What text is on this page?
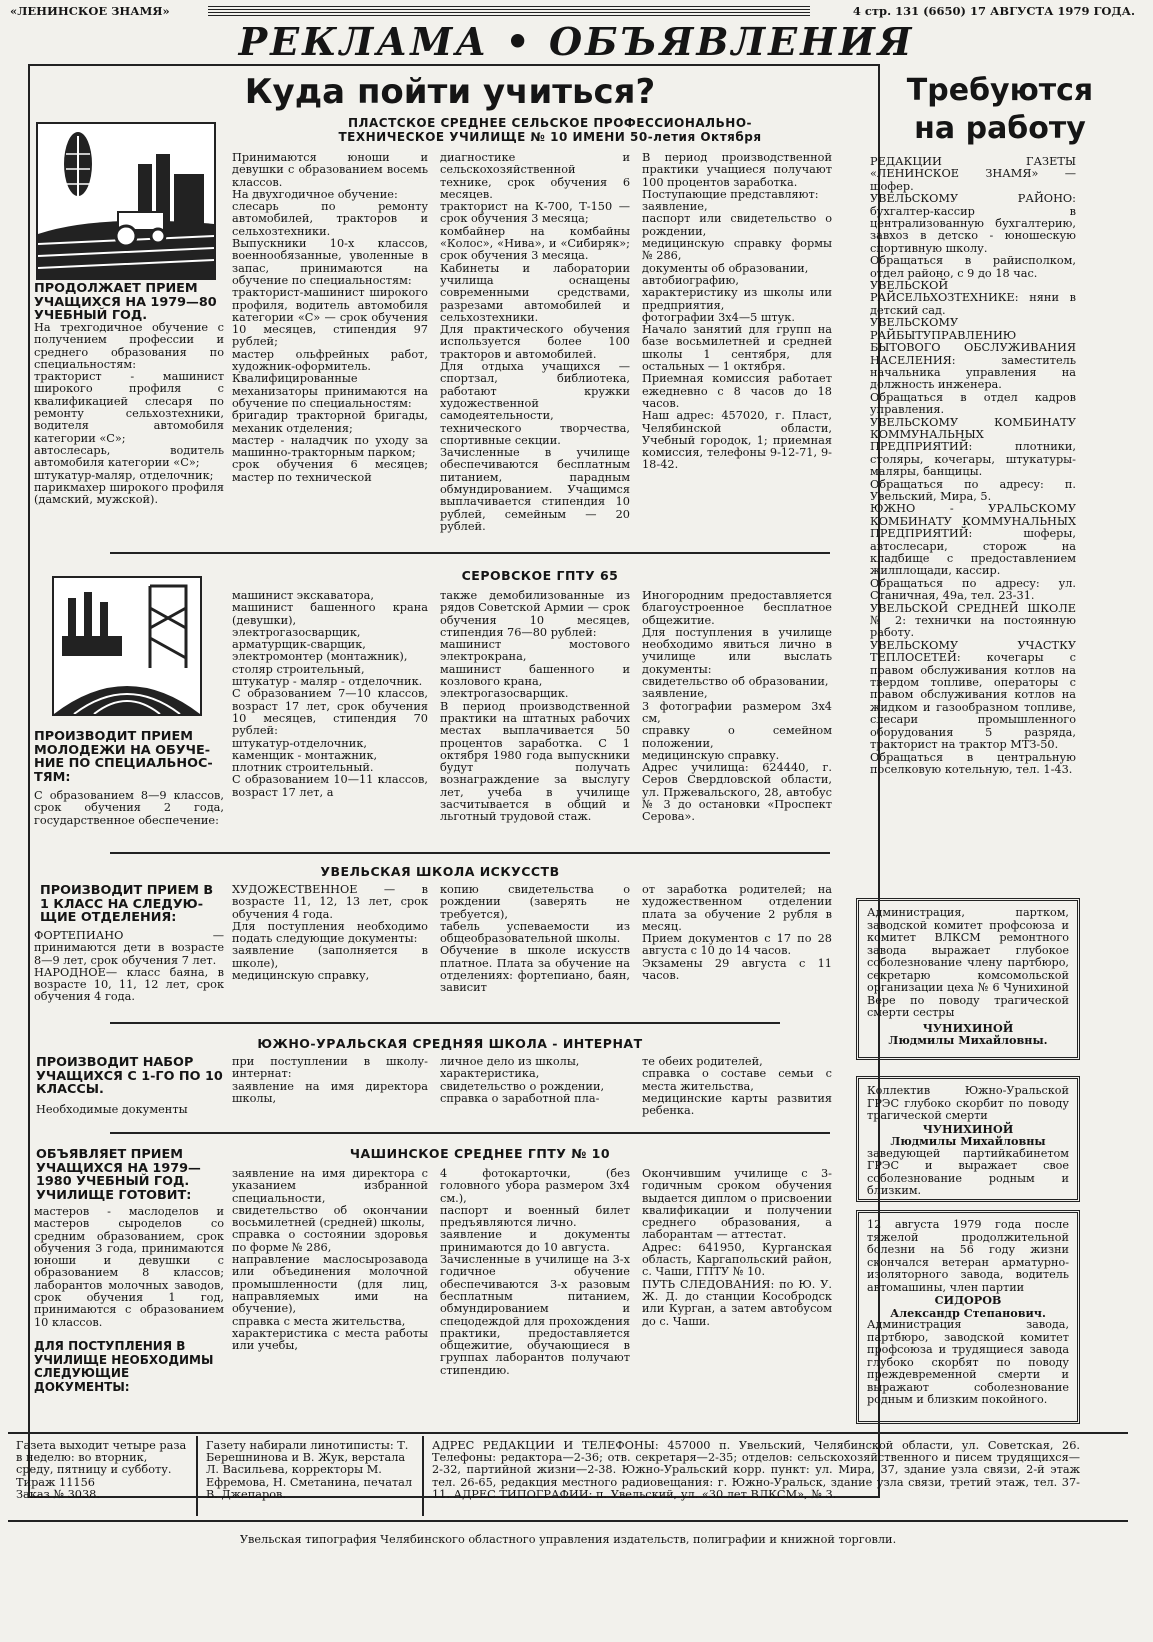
«ЛЕНИНСКОЕ ЗНАМЯ»	4 стр. 131 (6650) 17 АВГУСТА 1979 ГОДА.
РЕКЛАМА • ОБЪЯВЛЕНИЯ
Куда пойти учиться?
ПЛАСТСКОЕ СРЕДНЕЕ СЕЛЬСКОЕ ПРОФЕССИОНАЛЬНО-
ТЕХНИЧЕСКОЕ УЧИЛИЩЕ № 10 ИМЕНИ 50-летия Октября
ПРОДОЛЖАЕТ ПРИЕМ
УЧАЩИХСЯ НА 1979—80
УЧЕБНЫЙ ГОД.
На трехгодичное обучение с получением профессии и среднего образования по специальностям:
тракторист - машинист широкого профиля с квалификацией слесаря по ремонту сельхозтехники, водителя автомобиля категории «С»;
автослесарь, водитель автомобиля категории «С»;
штукатур-маляр, отделочник;
парикмахер широкого профиля (дамский, мужской).
Принимаются юноши и девушки с образованием восемь классов.
На двухгодичное обучение:
слесарь по ремонту автомобилей, тракторов и сельхозтехники.
Выпускники 10-х классов, военнообязанные, уволенные в запас, принимаются на обучение по специальностям:
тракторист-машинист широкого профиля, водитель автомобиля категории «С» — срок обучения 10 месяцев, стипендия 97 рублей;
мастер ольфрейных работ, художник-оформитель.
Квалифицированные механизаторы принимаются на обучение по специальностям:
бригадир тракторной бригады, механик отделения;
мастер - наладчик по уходу за машинно-тракторным парком;
срок обучения 6 месяцев; мастер по технической
диагностике и сельскохозяйственной технике, срок обучения 6 месяцев.
тракторист на К-700, Т-150 — срок обучения 3 месяца;
комбайнер на комбайны «Колос», «Нива», и «Сибиряк»; срок обучения 3 месяца.
Кабинеты и лаборатории училища оснащены современными средствами, разрезами автомобилей и сельхозтехники.
Для практического обучения используется более 100 тракторов и автомобилей.
Для отдыха учащихся — спортзал, библиотека, работают кружки художественной самодеятельности, технического творчества, спортивные секции.
Зачисленные в училище обеспечиваются бесплатным питанием, парадным обмундированием. Учащимся выплачивается стипендия 10 рублей, семейным — 20 рублей.
В период производственной практики учащиеся получают 100 процентов заработка.
Поступающие представляют:
заявление,
паспорт или свидетельство о рождении,
медицинскую справку формы № 286,
документы об образовании,
автобиографию,
характеристику из школы или предприятия,
фотографии 3х4—5 штук.
Начало занятий для групп на базе восьмилетней и средней школы 1 сентября, для остальных — 1 октября.
Приемная комиссия работает ежедневно с 8 часов до 18 часов.
Наш адрес: 457020, г. Пласт, Челябинской области, Учебный городок, 1; приемная комиссия, телефоны 9-12-71, 9-18-42.
СЕРОВСКОЕ ГПТУ 65
ПРОИЗВОДИТ ПРИЕМ
МОЛОДЕЖИ НА ОБУЧЕ-
НИЕ ПО СПЕЦИАЛЬНОС-
ТЯМ:
С образованием 8—9 классов, срок обучения 2 года, государственное обеспечение:
машинист экскаватора,
машинист башенного крана (девушки),
электрогазосварщик,
арматурщик-сварщик,
электромонтер (монтажник),
столяр строительный,
штукатур - маляр - отделочник.
С образованием 7—10 классов, возраст 17 лет, срок обучения 10 месяцев, стипендия 70 рублей:
штукатур-отделочник,
каменщик - монтажник,
плотник строительный.
С образованием 10—11 классов, возраст 17 лет, а
также демобилизованные из рядов Советской Армии — срок обучения 10 месяцев, стипендия 76—80 рублей:
машинист мостового электрокрана,
машинист башенного и козлового крана,
электрогазосварщик.
В период производственной практики на штатных рабочих местах выплачивается 50 процентов заработка. С 1 октября 1980 года выпускники будут получать вознаграждение за выслугу лет, учеба в училище засчитывается в общий и льготный трудовой стаж.
Иногородним предоставляется благоустроенное бесплатное общежитие.
Для поступления в училище необходимо явиться лично в училище или выслать документы:
свидетельство об образовании,
заявление,
3 фотографии размером 3х4 см,
справку о семейном положении,
медицинскую справку.
Адрес училища: 624440, г. Серов Свердловской области, ул. Пржевальского, 28, автобус № 3 до остановки «Проспект Серова».
УВЕЛЬСКАЯ ШКОЛА ИСКУССТВ
ПРОИЗВОДИТ ПРИЕМ В
1 КЛАСС НА СЛЕДУЮ-
ЩИЕ ОТДЕЛЕНИЯ:
ФОРТЕПИАНО — принимаются дети в возрасте 8—9 лет, срок обучения 7 лет.
НАРОДНОЕ— класс баяна, в возрасте 10, 11, 12 лет, срок обучения 4 года.
ХУДОЖЕСТВЕННОЕ — в возрасте 11, 12, 13 лет, срок обучения 4 года.
Для поступления необходимо подать следующие документы:
заявление (заполняется в школе),
медицинскую справку,
копию свидетельства о рождении (заверять не требуется),
табель успеваемости из общеобразовательной школы.
Обучение в школе искусств платное. Плата за обучение на отделениях: фортепиано, баян, зависит
от заработка родителей; на художественном отделении плата за обучение 2 рубля в месяц.
Прием документов с 17 по 28 августа с 10 до 14 часов.
Экзамены 29 августа с 11 часов.
ЮЖНО-УРАЛЬСКАЯ СРЕДНЯЯ ШКОЛА - ИНТЕРНАТ
ПРОИЗВОДИТ НАБОР
УЧАЩИХСЯ С 1-ГО ПО 10
КЛАССЫ.
Необходимые документы
при поступлении в школу-интернат:
заявление на имя директора школы,
личное дело из школы,
характеристика,
свидетельство о рождении,
справка о заработной пла-
те обеих родителей,
справка о составе семьи с места жительства,
медицинские карты развития ребенка.
ЧАШИНСКОЕ СРЕДНЕЕ ГПТУ № 10
ОБЪЯВЛЯЕТ ПРИЕМ
УЧАЩИХСЯ НА 1979—
1980 УЧЕБНЫЙ ГОД.
УЧИЛИЩЕ ГОТОВИТ:
мастеров - маслоделов и мастеров сыроделов со средним образованием, срок обучения 3 года, принимаются юноши и девушки с образованием 8 классов; лаборантов молочных заводов, срок обучения 1 год, принимаются с образованием 10 классов.
ДЛЯ ПОСТУПЛЕНИЯ В УЧИЛИЩЕ НЕОБХОДИМЫ СЛЕДУЮЩИЕ ДОКУМЕНТЫ:
заявление на имя директора с указанием избранной специальности,
свидетельство об окончании восьмилетней (средней) школы,
справка о состоянии здоровья по форме № 286,
направление маслосырозавода или объединения молочной промышленности (для лиц, направляемых ими на обучение),
справка с места жительства,
характеристика с места работы или учебы,
4 фотокарточки, (без головного убора размером 3х4 см.),
паспорт и военный билет предъявляются лично.
заявление и документы принимаются до 10 августа.
Зачисленные в училище на 3-х годичное обучение обеспечиваются 3-х разовым бесплатным питанием, обмундированием и спецодеждой для прохождения практики, предоставляется общежитие, обучающиеся в группах лаборантов получают стипендию.
Окончившим училище с 3-годичным сроком обучения выдается диплом о присвоении квалификации и получении среднего образования, а лаборантам — аттестат.
Адрес: 641950, Курганская область, Каргапольский район, с. Чаши, ГПТУ № 10.
ПУТЬ СЛЕДОВАНИЯ: по Ю. У. Ж. Д. до станции Кособродск или Курган, а затем автобусом до с. Чаши.
Требуются
на работу
РЕДАКЦИИ ГАЗЕТЫ «ЛЕНИНСКОЕ ЗНАМЯ» — шофер.
УВЕЛЬСКОМУ РАЙОНО: бухгалтер-кассир в централизованную бухгалтерию, завхоз в детско - юношескую спортивную школу.
Обращаться в райисполком, отдел районо, с 9 до 18 час.
УВЕЛЬСКОЙ РАЙСЕЛЬХОЗТЕХНИКЕ: няни в детский сад.
УВЕЛЬСКОМУ РАЙБЫТУПРАВЛЕНИЮ БЫТОВОГО ОБСЛУЖИВАНИЯ НАСЕЛЕНИЯ: заместитель начальника управления на должность инженера.
Обращаться в отдел кадров управления.
УВЕЛЬСКОМУ КОМБИНАТУ КОММУНАЛЬНЫХ ПРЕДПРИЯТИЙ: плотники, столяры, кочегары, штукатуры-маляры, банщицы.
Обращаться по адресу: п. Увельский, Мира, 5.
ЮЖНО - УРАЛЬСКОМУ КОМБИНАТУ КОММУНАЛЬНЫХ ПРЕДПРИЯТИЙ: шоферы, автослесари, сторож на кладбище с предоставлением жилплощади, кассир.
Обращаться по адресу: ул. Станичная, 49а, тел. 23-31.
УВЕЛЬСКОЙ СРЕДНЕЙ ШКОЛЕ № 2: технички на постоянную работу.
УВЕЛЬСКОМУ УЧАСТКУ ТЕПЛОСЕТЕЙ: кочегары с правом обслуживания котлов на твердом топливе, операторы с правом обслуживания котлов на жидком и газообразном топливе, слесари промышленного оборудования 5 разряда, тракторист на трактор МТЗ-50.
Обращаться в центральную поселковую котельную, тел. 1-43.
Администрация, партком, заводской комитет профсоюза и комитет ВЛКСМ ремонтного завода выражает глубокое соболезнование члену партбюро, секретарю комсомольской организации цеха № 6 Чунихиной Вере по поводу трагической смерти сестры
ЧУНИХИНОЙ
Людмилы Михайловны.
Коллектив Южно-Уральской ГРЭС глубоко скорбит по поводу трагической смерти
ЧУНИХИНОЙ
Людмилы Михайловны
заведующей партийкабинетом ГРЭС и выражает свое соболезнование родным и близким.
12 августа 1979 года после тяжелой продолжительной болезни на 56 году жизни скончался ветеран арматурно-изоляторного завода, водитель автомашины, член партии
СИДОРОВ
Александр Степанович.
Администрация завода, партбюро, заводской комитет профсоюза и трудящиеся завода глубоко скорбят по поводу преждевременной смерти и выражают соболезнование родным и близким покойного.
Газета выходит четыре раза в неделю: во вторник, среду, пятницу и субботу.
Тираж 11156
Заказ № 3038.
Газету набирали линотиписты: Т. Берешнинова и В. Жук, верстала Л. Васильева, корректоры М. Ефремова, Н. Сметанина, печатал В. Джепаров.
АДРЕС РЕДАКЦИИ И ТЕЛЕФОНЫ: 457000 п. Увельский, Челябинской области, ул. Советская, 26. Телефоны: редактора—2-36; отв. секретаря—2-35; отделов: сельскохозяйственного и писем трудящихся—2-32, партийной жизни—2-38. Южно-Уральский корр. пункт: ул. Мира, 37, здание узла связи, 2-й этаж тел. 26-65, редакция местного радиовещания: г. Южно-Уральск, здание узла связи, третий этаж, тел. 37-11. АДРЕС ТИПОГРАФИИ: п. Увельский, ул. «30 лет ВЛКСМ», № 3.
Увельская типография Челябинского областного управления издательств, полиграфии и книжной торговли.
